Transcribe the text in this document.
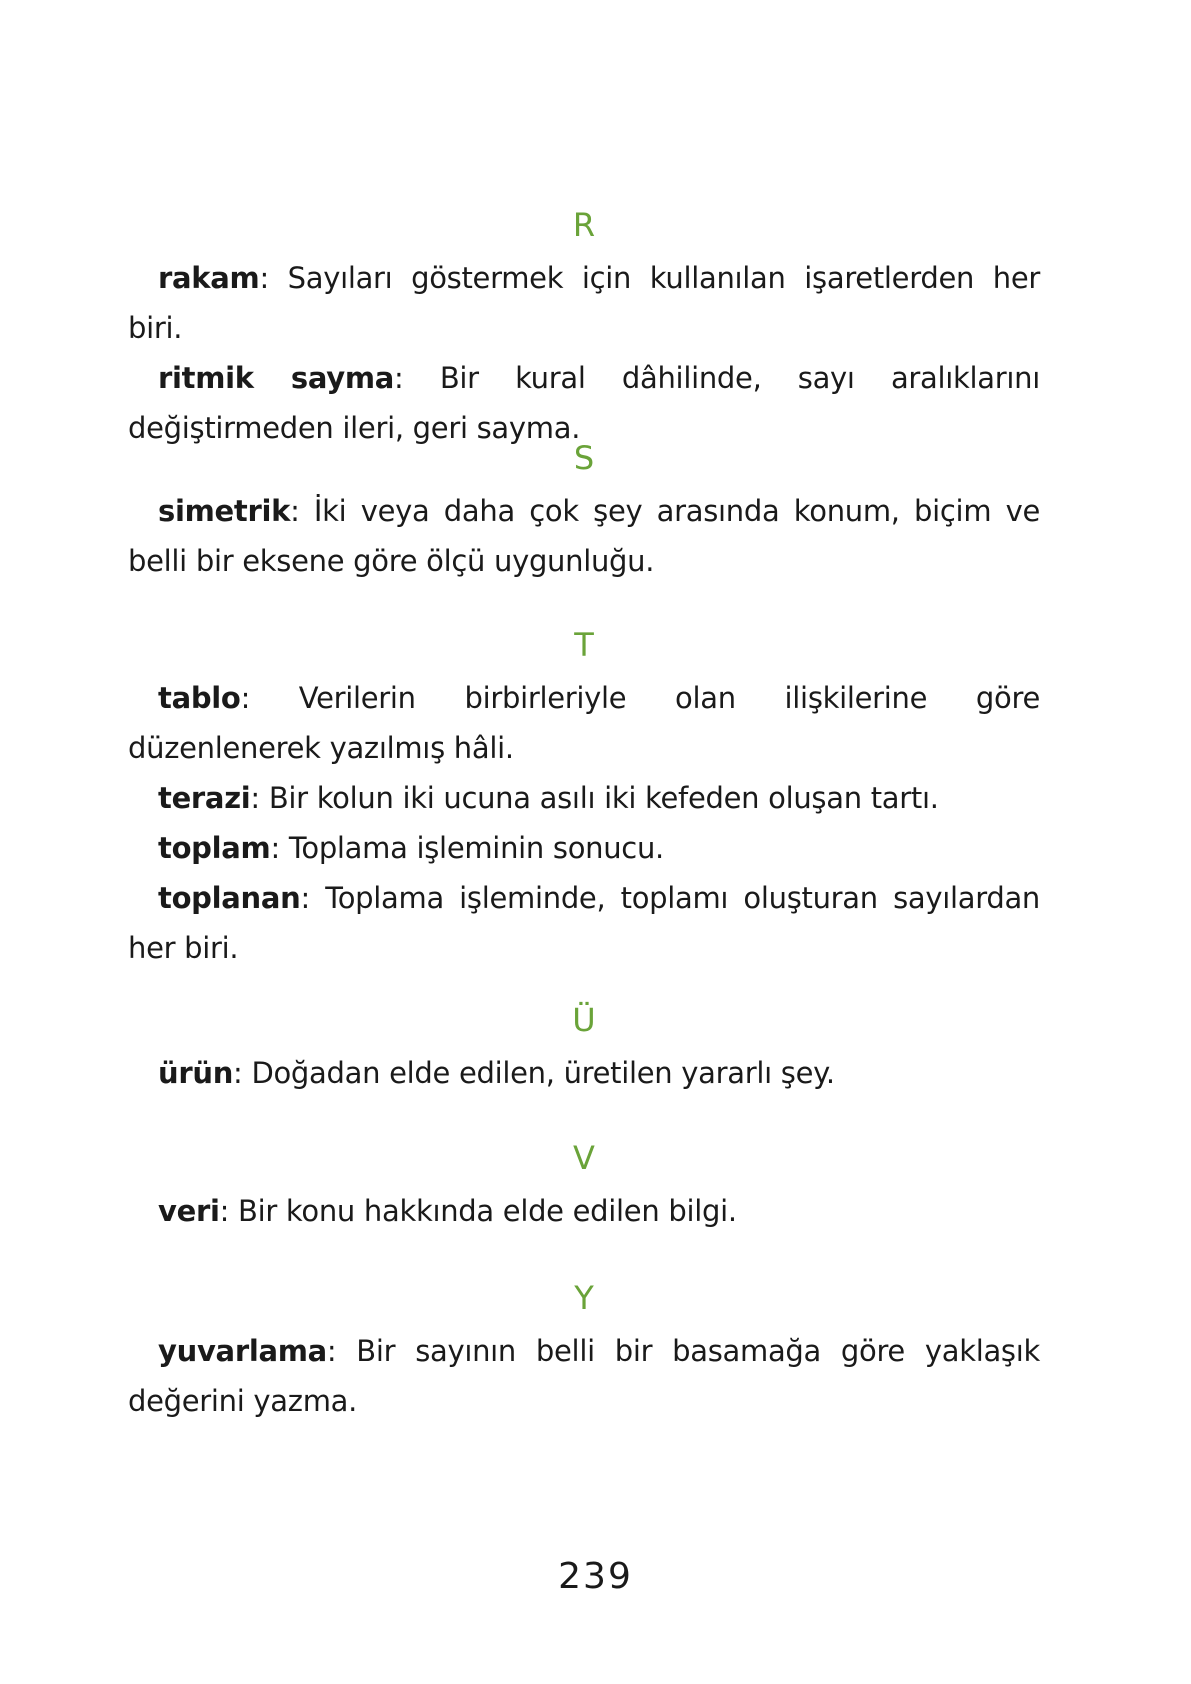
R
rakam: Sayıları göstermek için kullanılan işaretlerden her biri.
ritmik sayma: Bir kural dâhilinde, sayı aralıklarını değiştirmeden ileri, geri sayma.
S
simetrik: İki veya daha çok şey arasında konum, biçim ve belli bir eksene göre ölçü uygunluğu.
T
tablo: Verilerin birbirleriyle olan ilişkilerine göre düzenlenerek yazılmış hâli.
terazi: Bir kolun iki ucuna asılı iki kefeden oluşan tartı.
toplam: Toplama işleminin sonucu.
toplanan: Toplama işleminde, toplamı oluşturan sayılardan her biri.
Ü
ürün: Doğadan elde edilen, üretilen yararlı şey.
V
veri: Bir konu hakkında elde edilen bilgi.
Y
yuvarlama: Bir sayının belli bir basamağa göre yaklaşık değerini yazma.
239
